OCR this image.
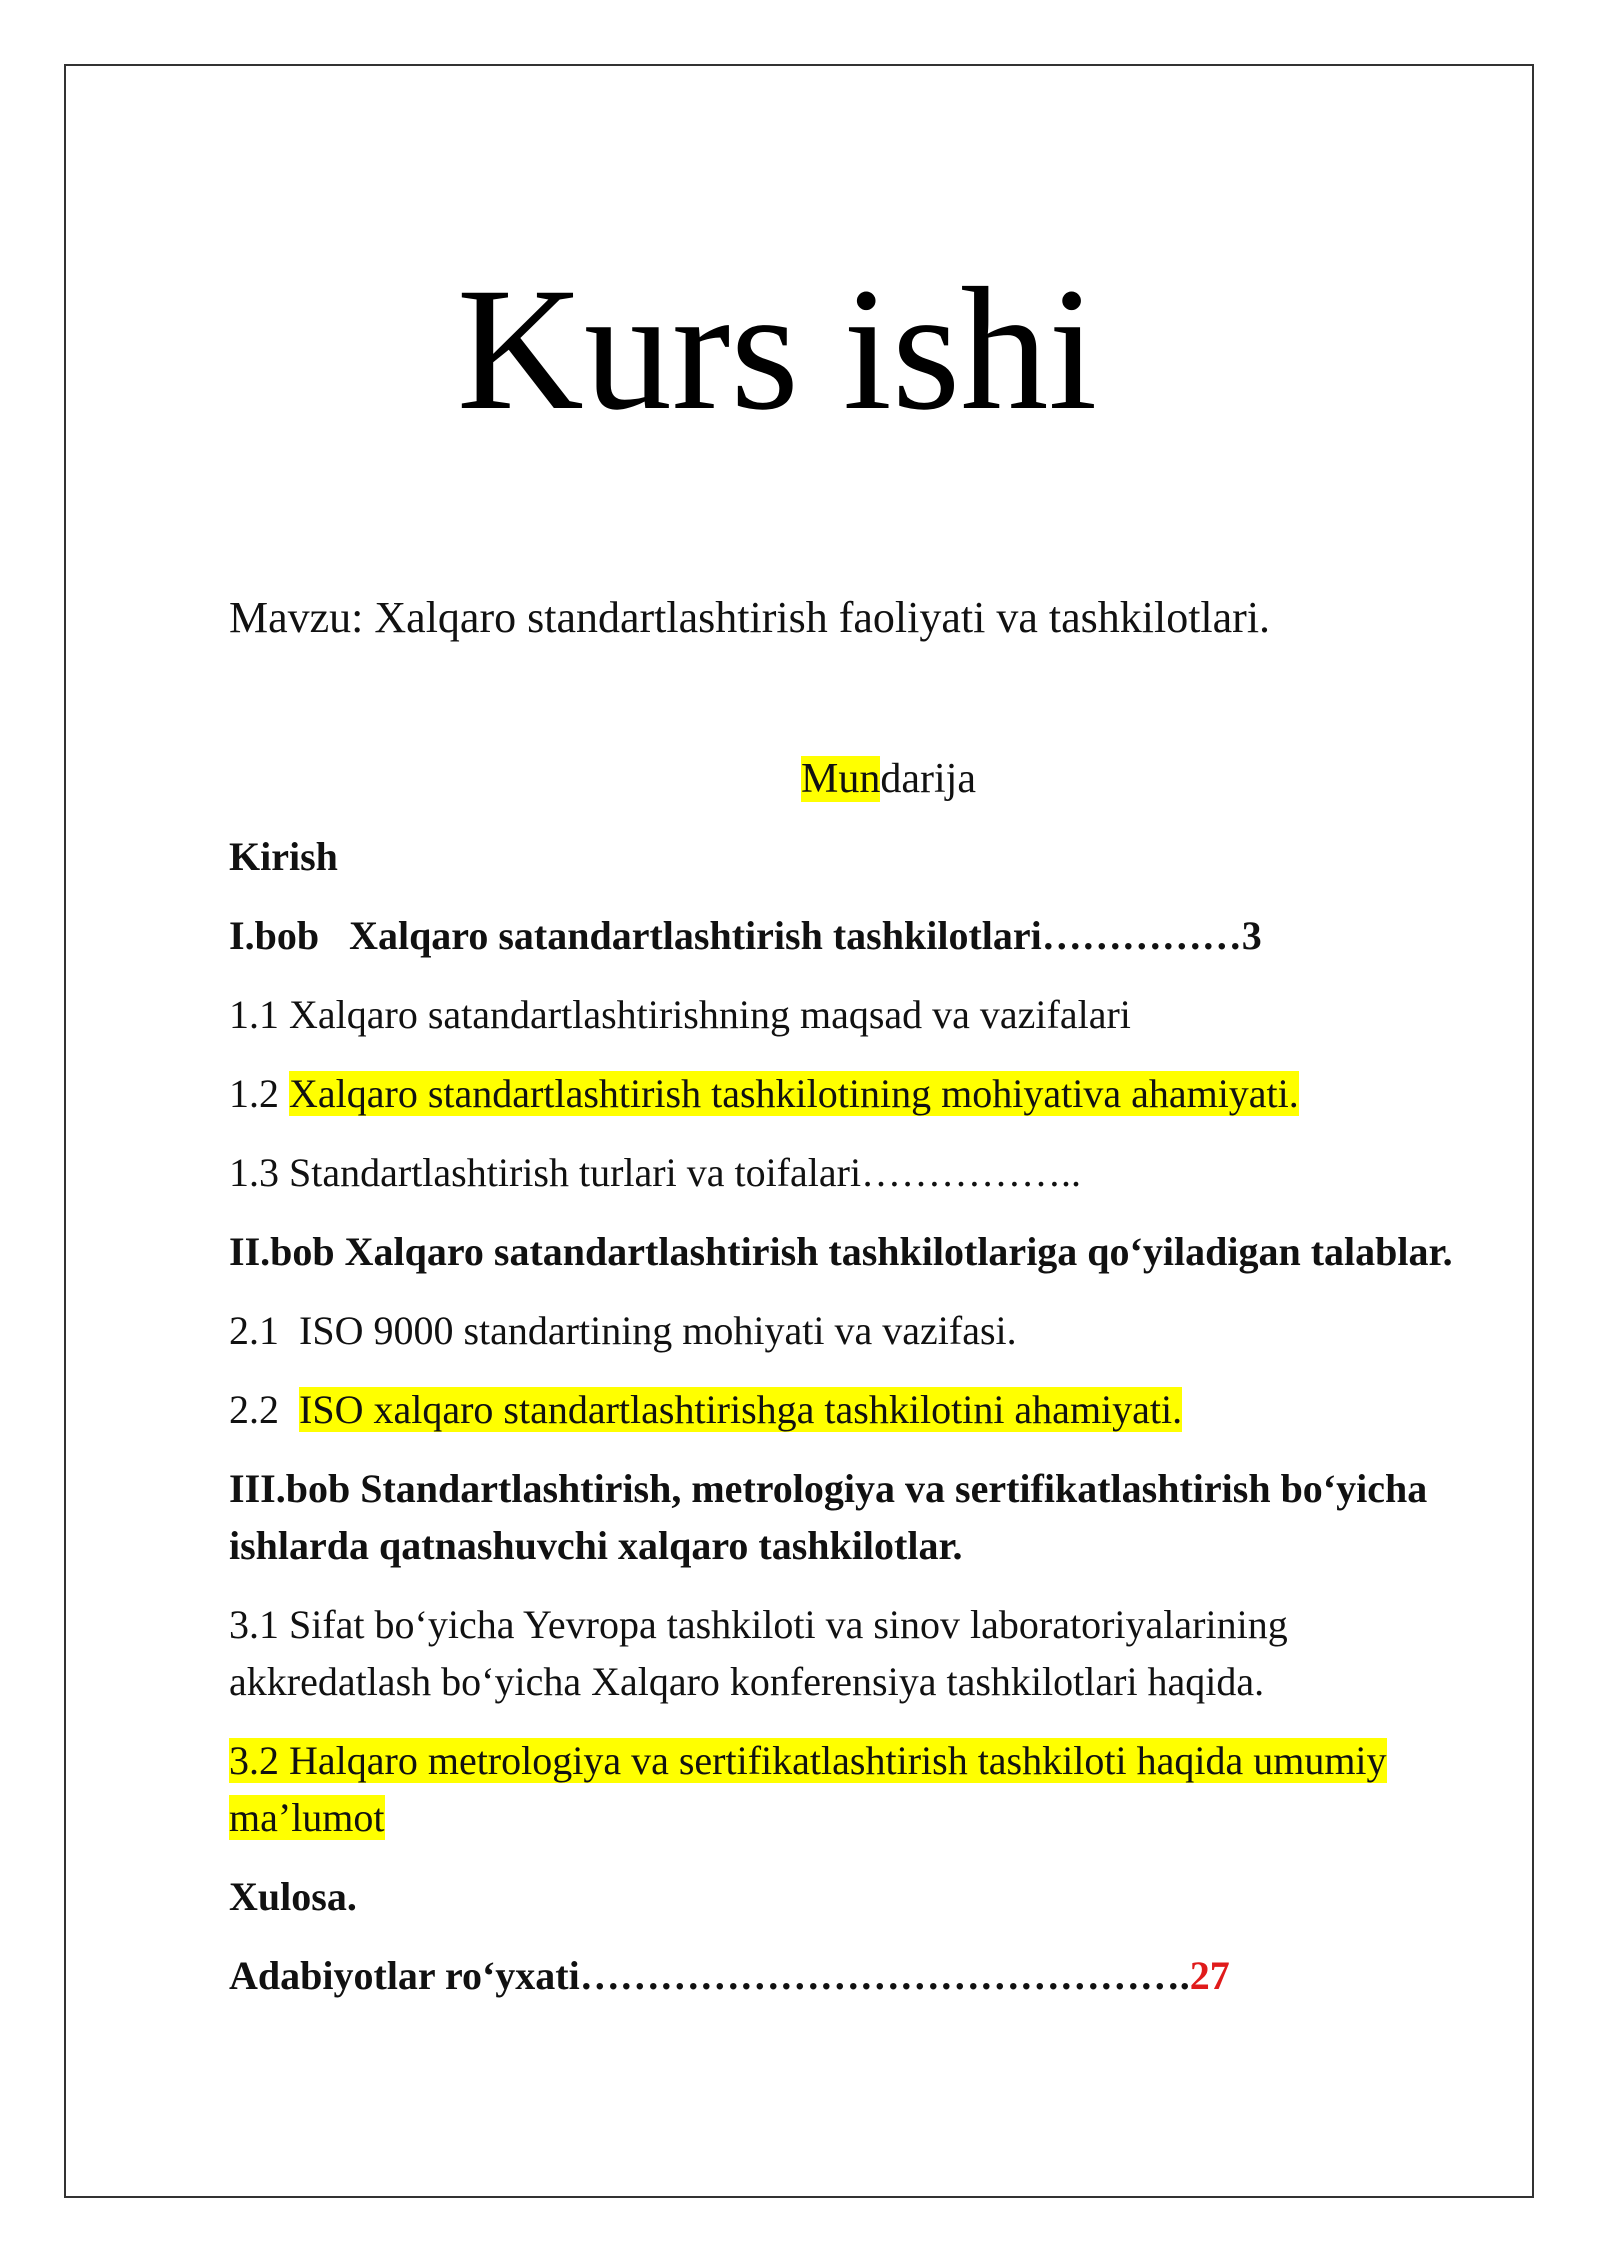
Kurs ishi

Mavzu: Xalqaro standartlashtirish faoliyati va tashkilotlari.

Mundarija

Kirish
I.bob Xalqaro satandartlashtirish tashkilotlari……………3
1.1 Xalqaro satandartlashtirishning maqsad va vazifalari
1.2 Xalqaro standartlashtirish tashkilotining mohiyativa ahamiyati.
1.3 Standartlashtirish turlari va toifalari……………..
II.bob Xalqaro satandartlashtirish tashkilotlariga qo‘yiladigan talablar.
2.1  ISO 9000 standartining mohiyati va vazifasi.
2.2 ISO xalqaro standartlashtirishga tashkilotini ahamiyati.
III.bob Standartlashtirish, metrologiya va sertifikatlashtirish bo‘yicha ishlarda qatnashuvchi xalqaro tashkilotlar.
3.1 Sifat bo‘yicha Yevropa tashkiloti va sinov laboratoriyalarining akkredatlash bo‘yicha Xalqaro konferensiya tashkilotlari haqida.
3.2 Halqaro metrologiya va sertifikatlashtirish tashkiloti haqida umumiy ma’lumot
Xulosa.
Adabiyotlar ro‘yxati……………………………………….27
